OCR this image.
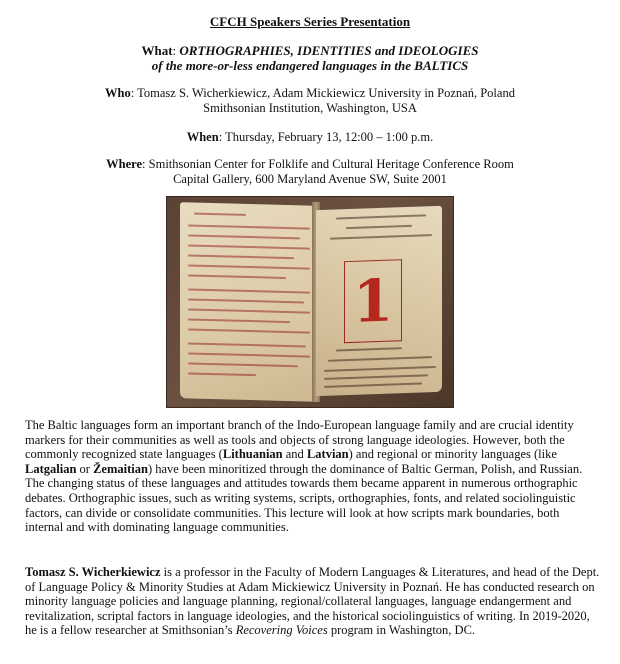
CFCH Speakers Series Presentation
What: ORTHOGRAPHIES, IDENTITIES and IDEOLOGIES
of the more-or-less endangered languages in the BALTICS
Who: Tomasz S. Wicherkiewicz, Adam Mickiewicz University in Poznań, Poland
Smithsonian Institution, Washington, USA
When: Thursday, February 13, 12:00 – 1:00 p.m.
Where: Smithsonian Center for Folklife and Cultural Heritage Conference Room
Capital Gallery, 600 Maryland Avenue SW, Suite 2001
1
The Baltic languages form an important branch of the Indo-European language family and are crucial identity markers for their communities as well as tools and objects of strong language ideologies. However, both the commonly recognized state languages (Lithuanian and Latvian) and regional or minority languages (like Latgalian or Žemaitian) have been minoritized through the dominance of Baltic German, Polish, and Russian. The changing status of these languages and attitudes towards them became apparent in numerous orthographic debates. Orthographic issues, such as writing systems, scripts, orthographies, fonts, and related sociolinguistic factors, can divide or consolidate communities. This lecture will look at how scripts mark boundaries, both internal and with dominating language communities.
Tomasz S. Wicherkiewicz is a professor in the Faculty of Modern Languages & Literatures, and head of the Dept. of Language Policy & Minority Studies at Adam Mickiewicz University in Poznań. He has conducted research on minority language policies and language planning, regional/collateral languages, language endangerment and revitalization, scriptal factors in language ideologies, and the historical sociolinguistics of writing. In 2019-2020, he is a fellow researcher at Smithsonian’s Recovering Voices program in Washington, DC.
